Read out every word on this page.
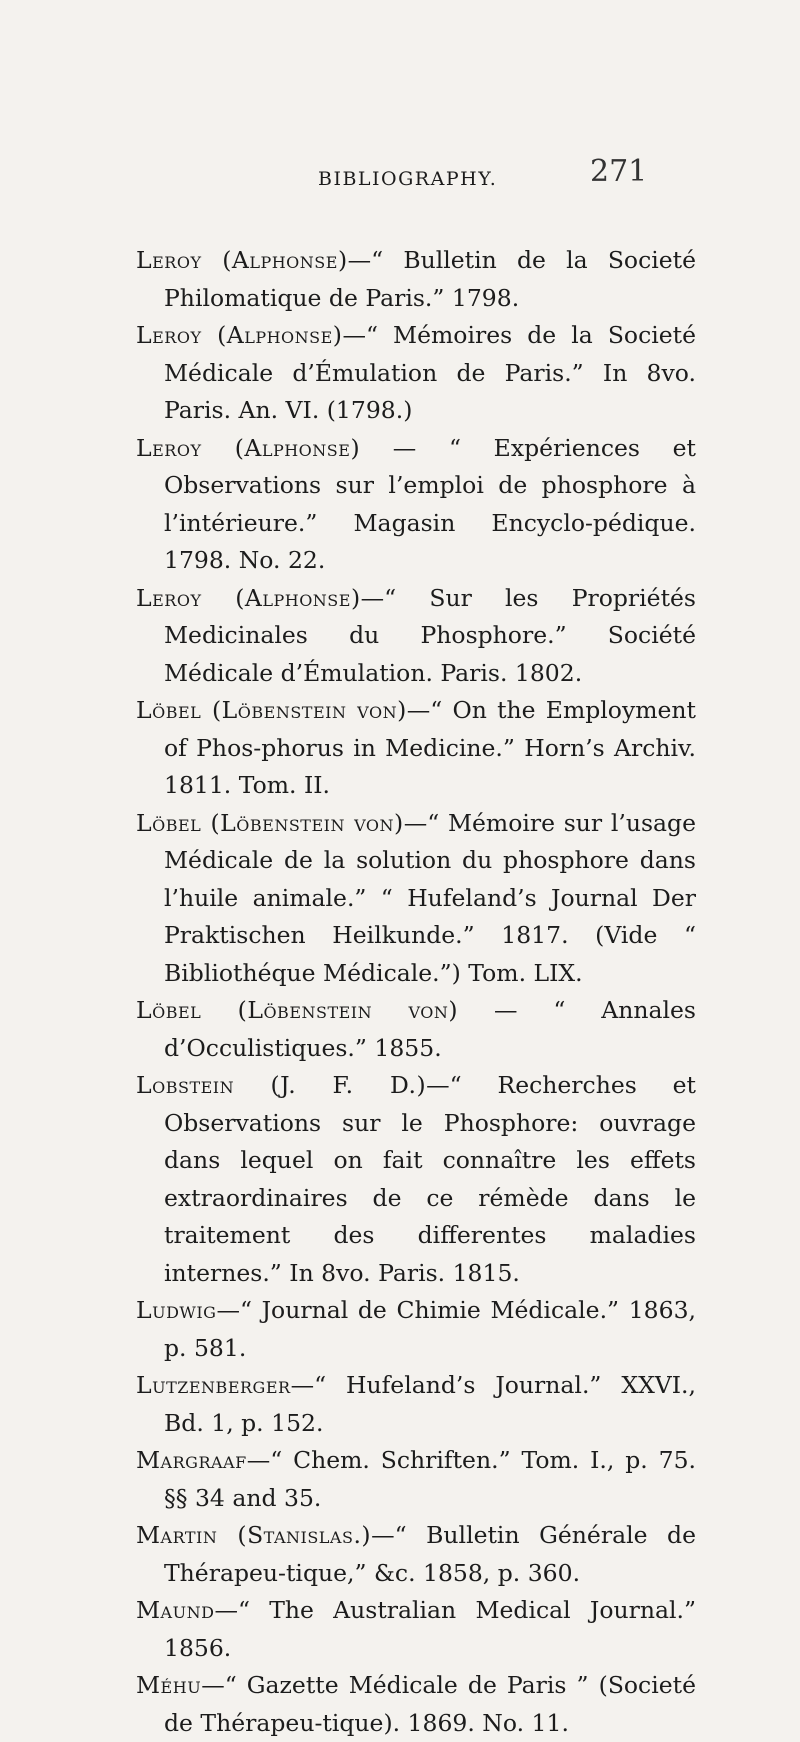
BIBLIOGRAPHY.	271

Leroy (Alphonse)—“ Bulletin de la Societé Philomatique de Paris.” 1798.

Leroy (Alphonse)—“ Mémoires de la Societé Médicale d’Émulation de Paris.” In 8vo. Paris. An. VI. (1798.)

Leroy (Alphonse) — “ Expériences et Observations sur l’emploi de phosphore à l’intérieure.” Magasin Encyclo-pédique. 1798. No. 22.

Leroy (Alphonse)—“ Sur les Propriétés Medicinales du Phosphore.” Société Médicale d’Émulation. Paris. 1802.

Löbel (Löbenstein von)—“ On the Employment of Phos-phorus in Medicine.” Horn’s Archiv. 1811. Tom. II.

Löbel (Löbenstein von)—“ Mémoire sur l’usage Médicale de la solution du phosphore dans l’huile animale.” “ Hufeland’s Journal Der Praktischen Heilkunde.” 1817. (Vide “ Bibliothéque Médicale.”) Tom. LIX.

Löbel (Löbenstein von) — “ Annales d’Occulistiques.” 1855.

Lobstein (J. F. D.)—“ Recherches et Observations sur le Phosphore: ouvrage dans lequel on fait connaître les effets extraordinaires de ce rémède dans le traitement des differentes maladies internes.” In 8vo. Paris. 1815.

Ludwig—“ Journal de Chimie Médicale.” 1863, p. 581.

Lutzenberger—“ Hufeland’s Journal.” XXVI., Bd. 1, p. 152.

Margraaf—“ Chem. Schriften.” Tom. I., p. 75. §§ 34 and 35.

Martin (Stanislas.)—“ Bulletin Générale de Thérapeu-tique,” &c. 1858, p. 360.

Maund—“ The Australian Medical Journal.” 1856.

Méhu—“ Gazette Médicale de Paris ” (Societé de Thérapeu-tique). 1869. No. 11.
